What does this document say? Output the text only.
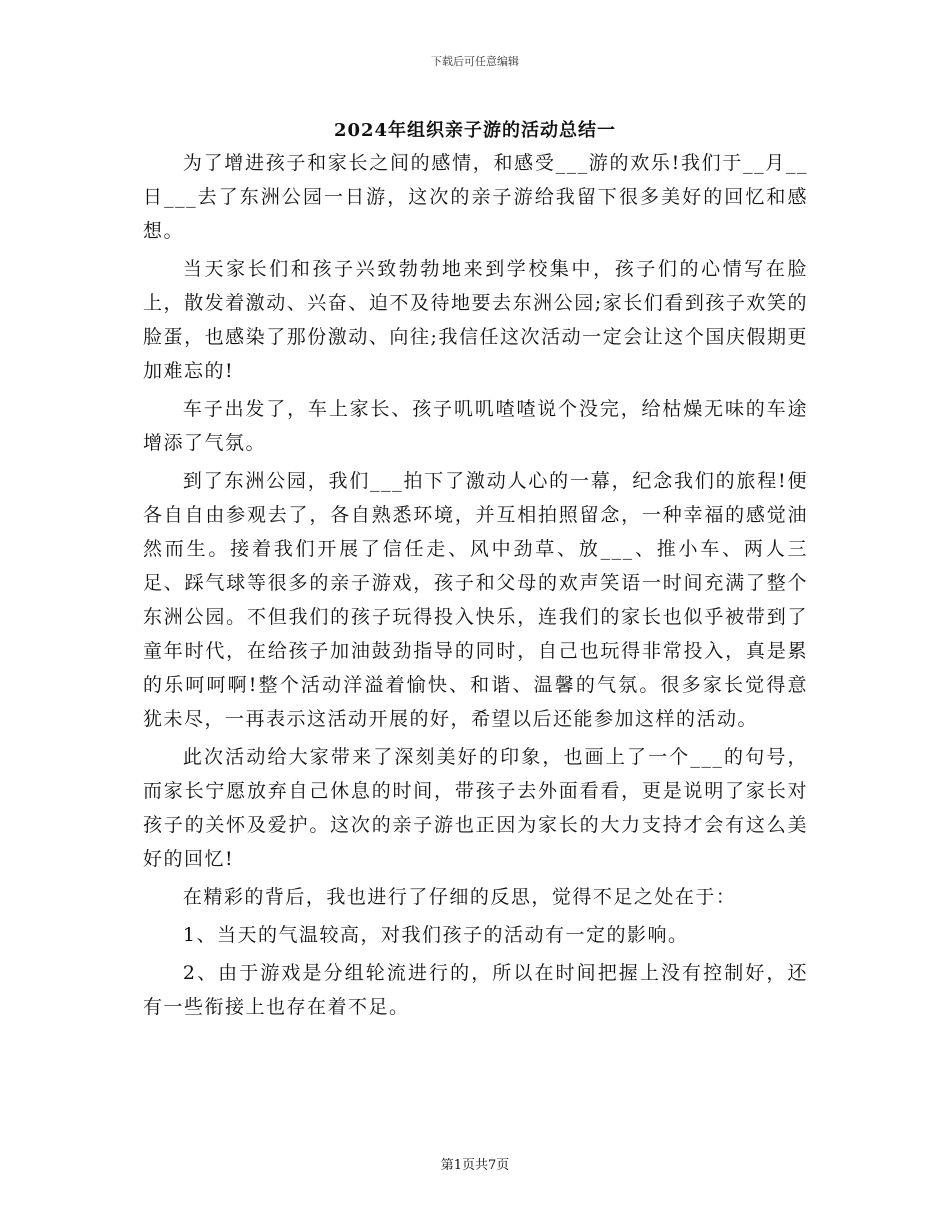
下载后可任意编辑
2024年组织亲子游的活动总结一

为了增进孩子和家长之间的感情，和感受___游的欢乐!我们于__月__日___去了东洲公园一日游，这次的亲子游给我留下很多美好的回忆和感想。

当天家长们和孩子兴致勃勃地来到学校集中，孩子们的心情写在脸上，散发着激动、兴奋、迫不及待地要去东洲公园;家长们看到孩子欢笑的脸蛋，也感染了那份激动、向往;我信任这次活动一定会让这个国庆假期更加难忘的!

车子出发了，车上家长、孩子叽叽喳喳说个没完，给枯燥无味的车途增添了气氛。

到了东洲公园，我们___拍下了激动人心的一幕，纪念我们的旅程!便各自自由参观去了，各自熟悉环境，并互相拍照留念，一种幸福的感觉油然而生。接着我们开展了信任走、风中劲草、放___、推小车、两人三足、踩气球等很多的亲子游戏，孩子和父母的欢声笑语一时间充满了整个东洲公园。不但我们的孩子玩得投入快乐，连我们的家长也似乎被带到了童年时代，在给孩子加油鼓劲指导的同时，自己也玩得非常投入，真是累的乐呵呵啊!整个活动洋溢着愉快、和谐、温馨的气氛。很多家长觉得意犹未尽，一再表示这活动开展的好，希望以后还能参加这样的活动。

此次活动给大家带来了深刻美好的印象，也画上了一个___的句号，而家长宁愿放弃自己休息的时间，带孩子去外面看看，更是说明了家长对孩子的关怀及爱护。这次的亲子游也正因为家长的大力支持才会有这么美好的回忆!

在精彩的背后，我也进行了仔细的反思，觉得不足之处在于：

1、当天的气温较高，对我们孩子的活动有一定的影响。

2、由于游戏是分组轮流进行的，所以在时间把握上没有控制好，还有一些衔接上也存在着不足。

第1页共7页
